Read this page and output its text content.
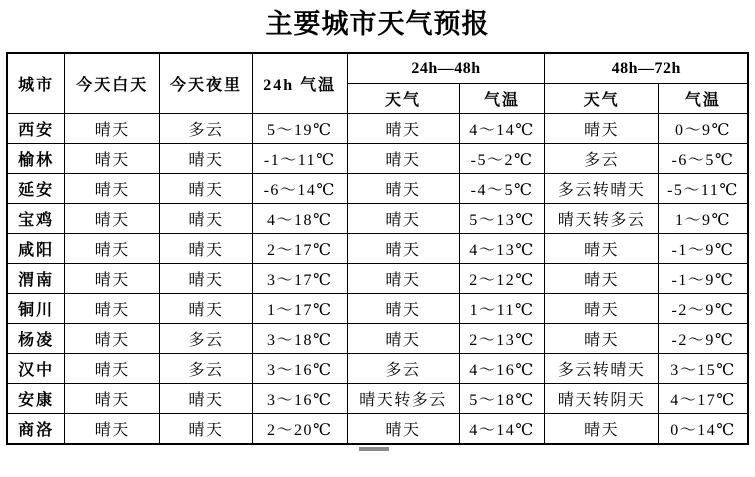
主要城市天气预报
城市	今天白天	今天夜里	24h 气温	24h—48h		48h—72h	
				天气	气温	天气	气温
西安	晴天	多云	5～19℃	晴天	4～14℃	晴天	0～9℃
榆林	晴天	晴天	-1～11℃	晴天	-5～2℃	多云	-6～5℃
延安	晴天	晴天	-6～14℃	晴天	-4～5℃	多云转晴天	-5～11℃
宝鸡	晴天	晴天	4～18℃	晴天	5～13℃	晴天转多云	1～9℃
咸阳	晴天	晴天	2～17℃	晴天	4～13℃	晴天	-1～9℃
渭南	晴天	晴天	3～17℃	晴天	2～12℃	晴天	-1～9℃
铜川	晴天	晴天	1～17℃	晴天	1～11℃	晴天	-2～9℃
杨凌	晴天	多云	3～18℃	晴天	2～13℃	晴天	-2～9℃
汉中	晴天	多云	3～16℃	多云	4～16℃	多云转晴天	3～15℃
安康	晴天	晴天	3～16℃	晴天转多云	5～18℃	晴天转阴天	4～17℃
商洛	晴天	晴天	2～20℃	晴天	4～14℃	晴天	0～14℃
